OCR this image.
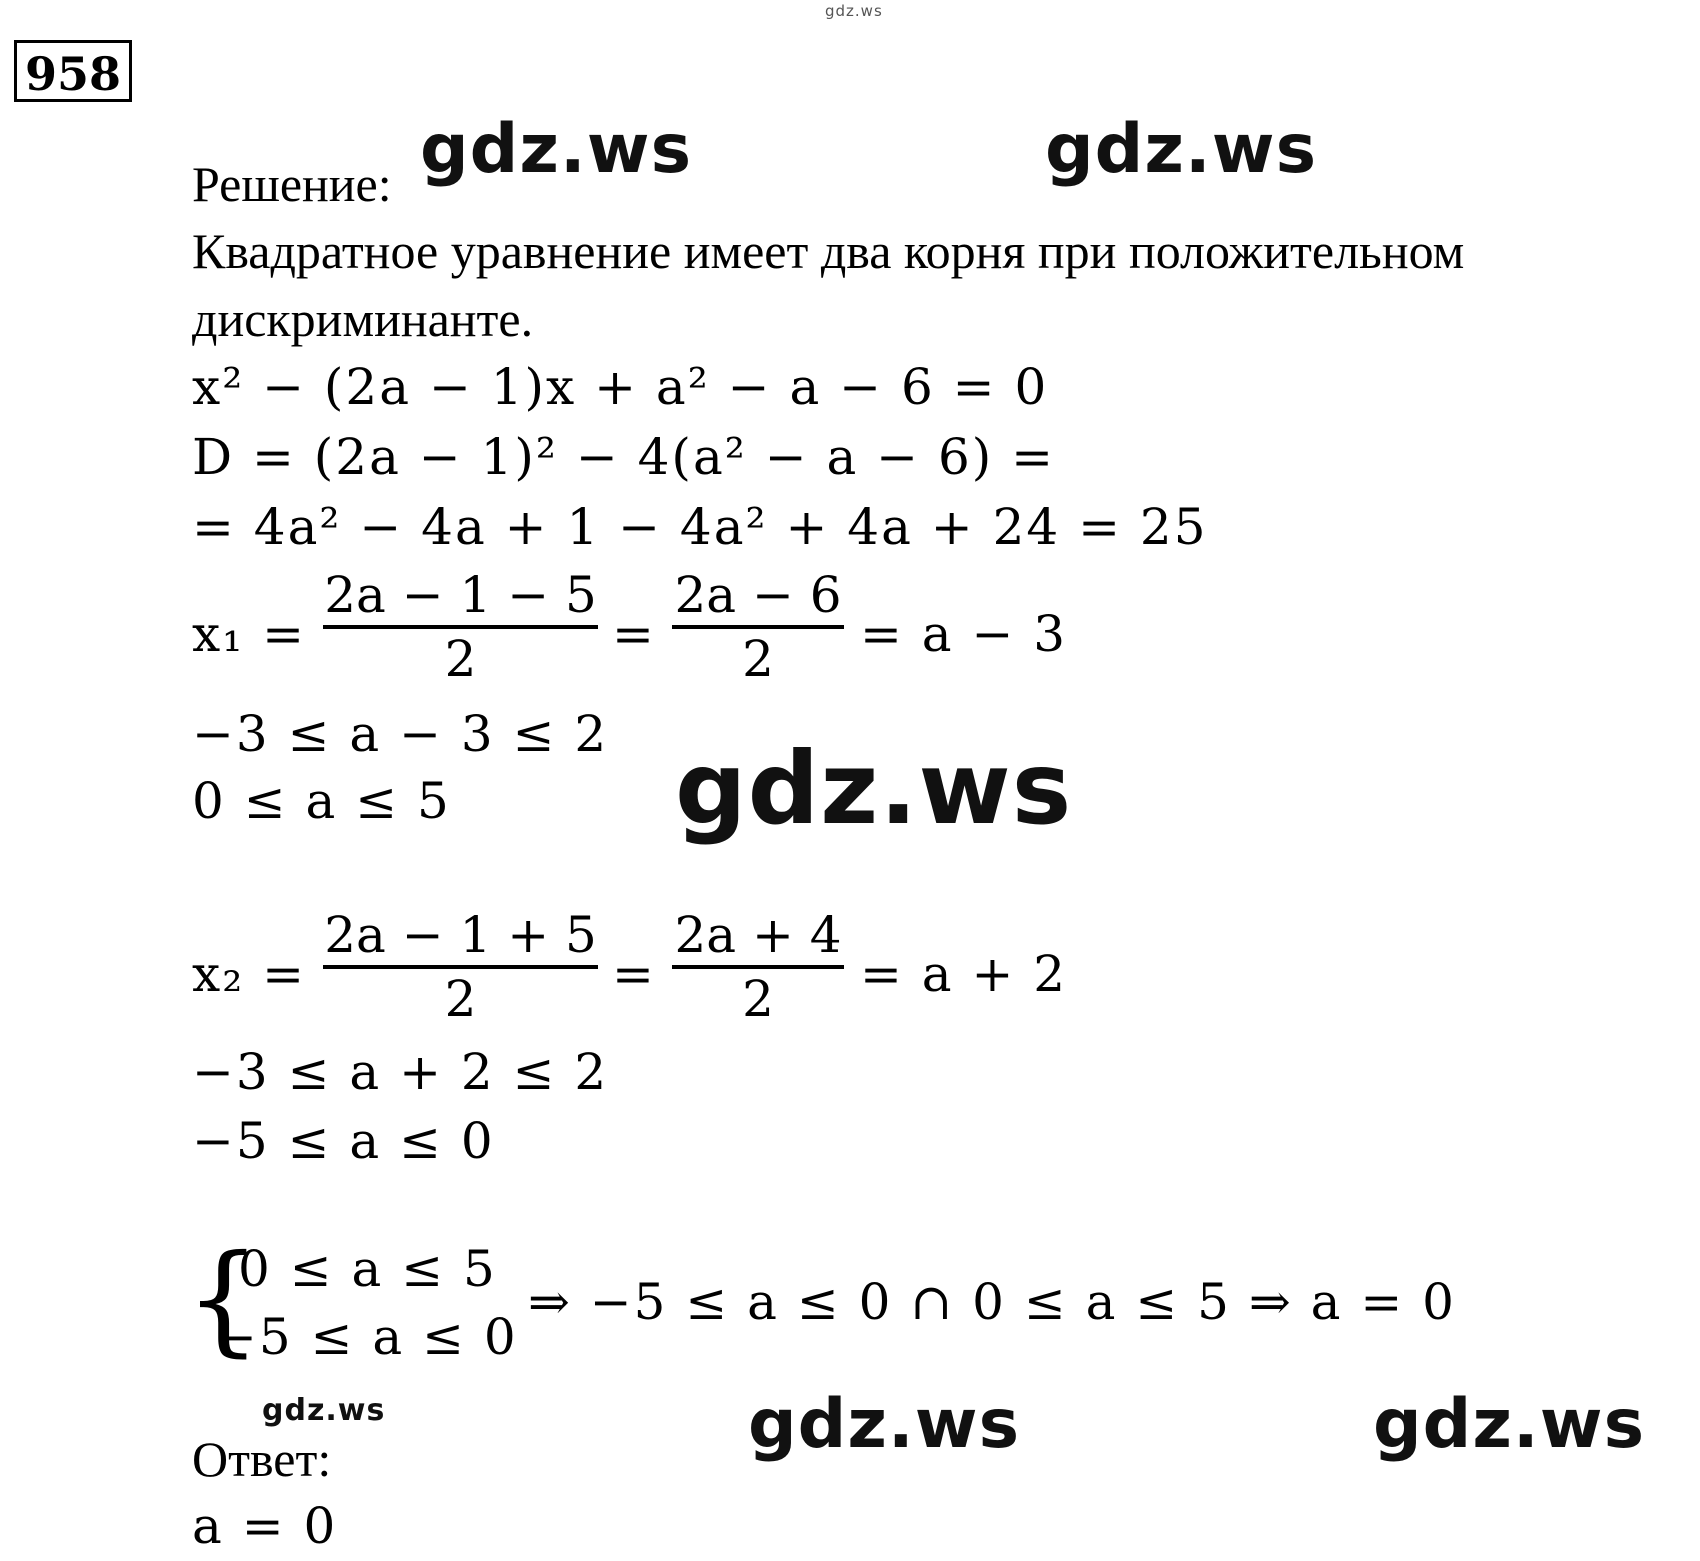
gdz.ws
gdz.ws	gdz.ws
gdz.ws
gdz.ws	gdz.ws	gdz.ws
958
Решение:
Квадратное уравнение имеет два корня при положительном
дискриминанте.
x² − (2a − 1)x + a² − a − 6 = 0
D = (2a − 1)² − 4(a² − a − 6) =
= 4a² − 4a + 1 − 4a² + 4a + 24 = 25
x₁ =
2a − 1 − 5
2	=
2a − 6
2	= a − 3
−3 ≤ a − 3 ≤ 2
0 ≤ a ≤ 5
x₂ =
2a − 1 + 5
2	=
2a + 4
2	= a + 2
−3 ≤ a + 2 ≤ 2
−5 ≤ a ≤ 0
{
0 ≤ a ≤ 5
−5 ≤ a ≤ 0
⇒ −5 ≤ a ≤ 0 ∩ 0 ≤ a ≤ 5 ⇒ a = 0
Ответ:
a = 0
